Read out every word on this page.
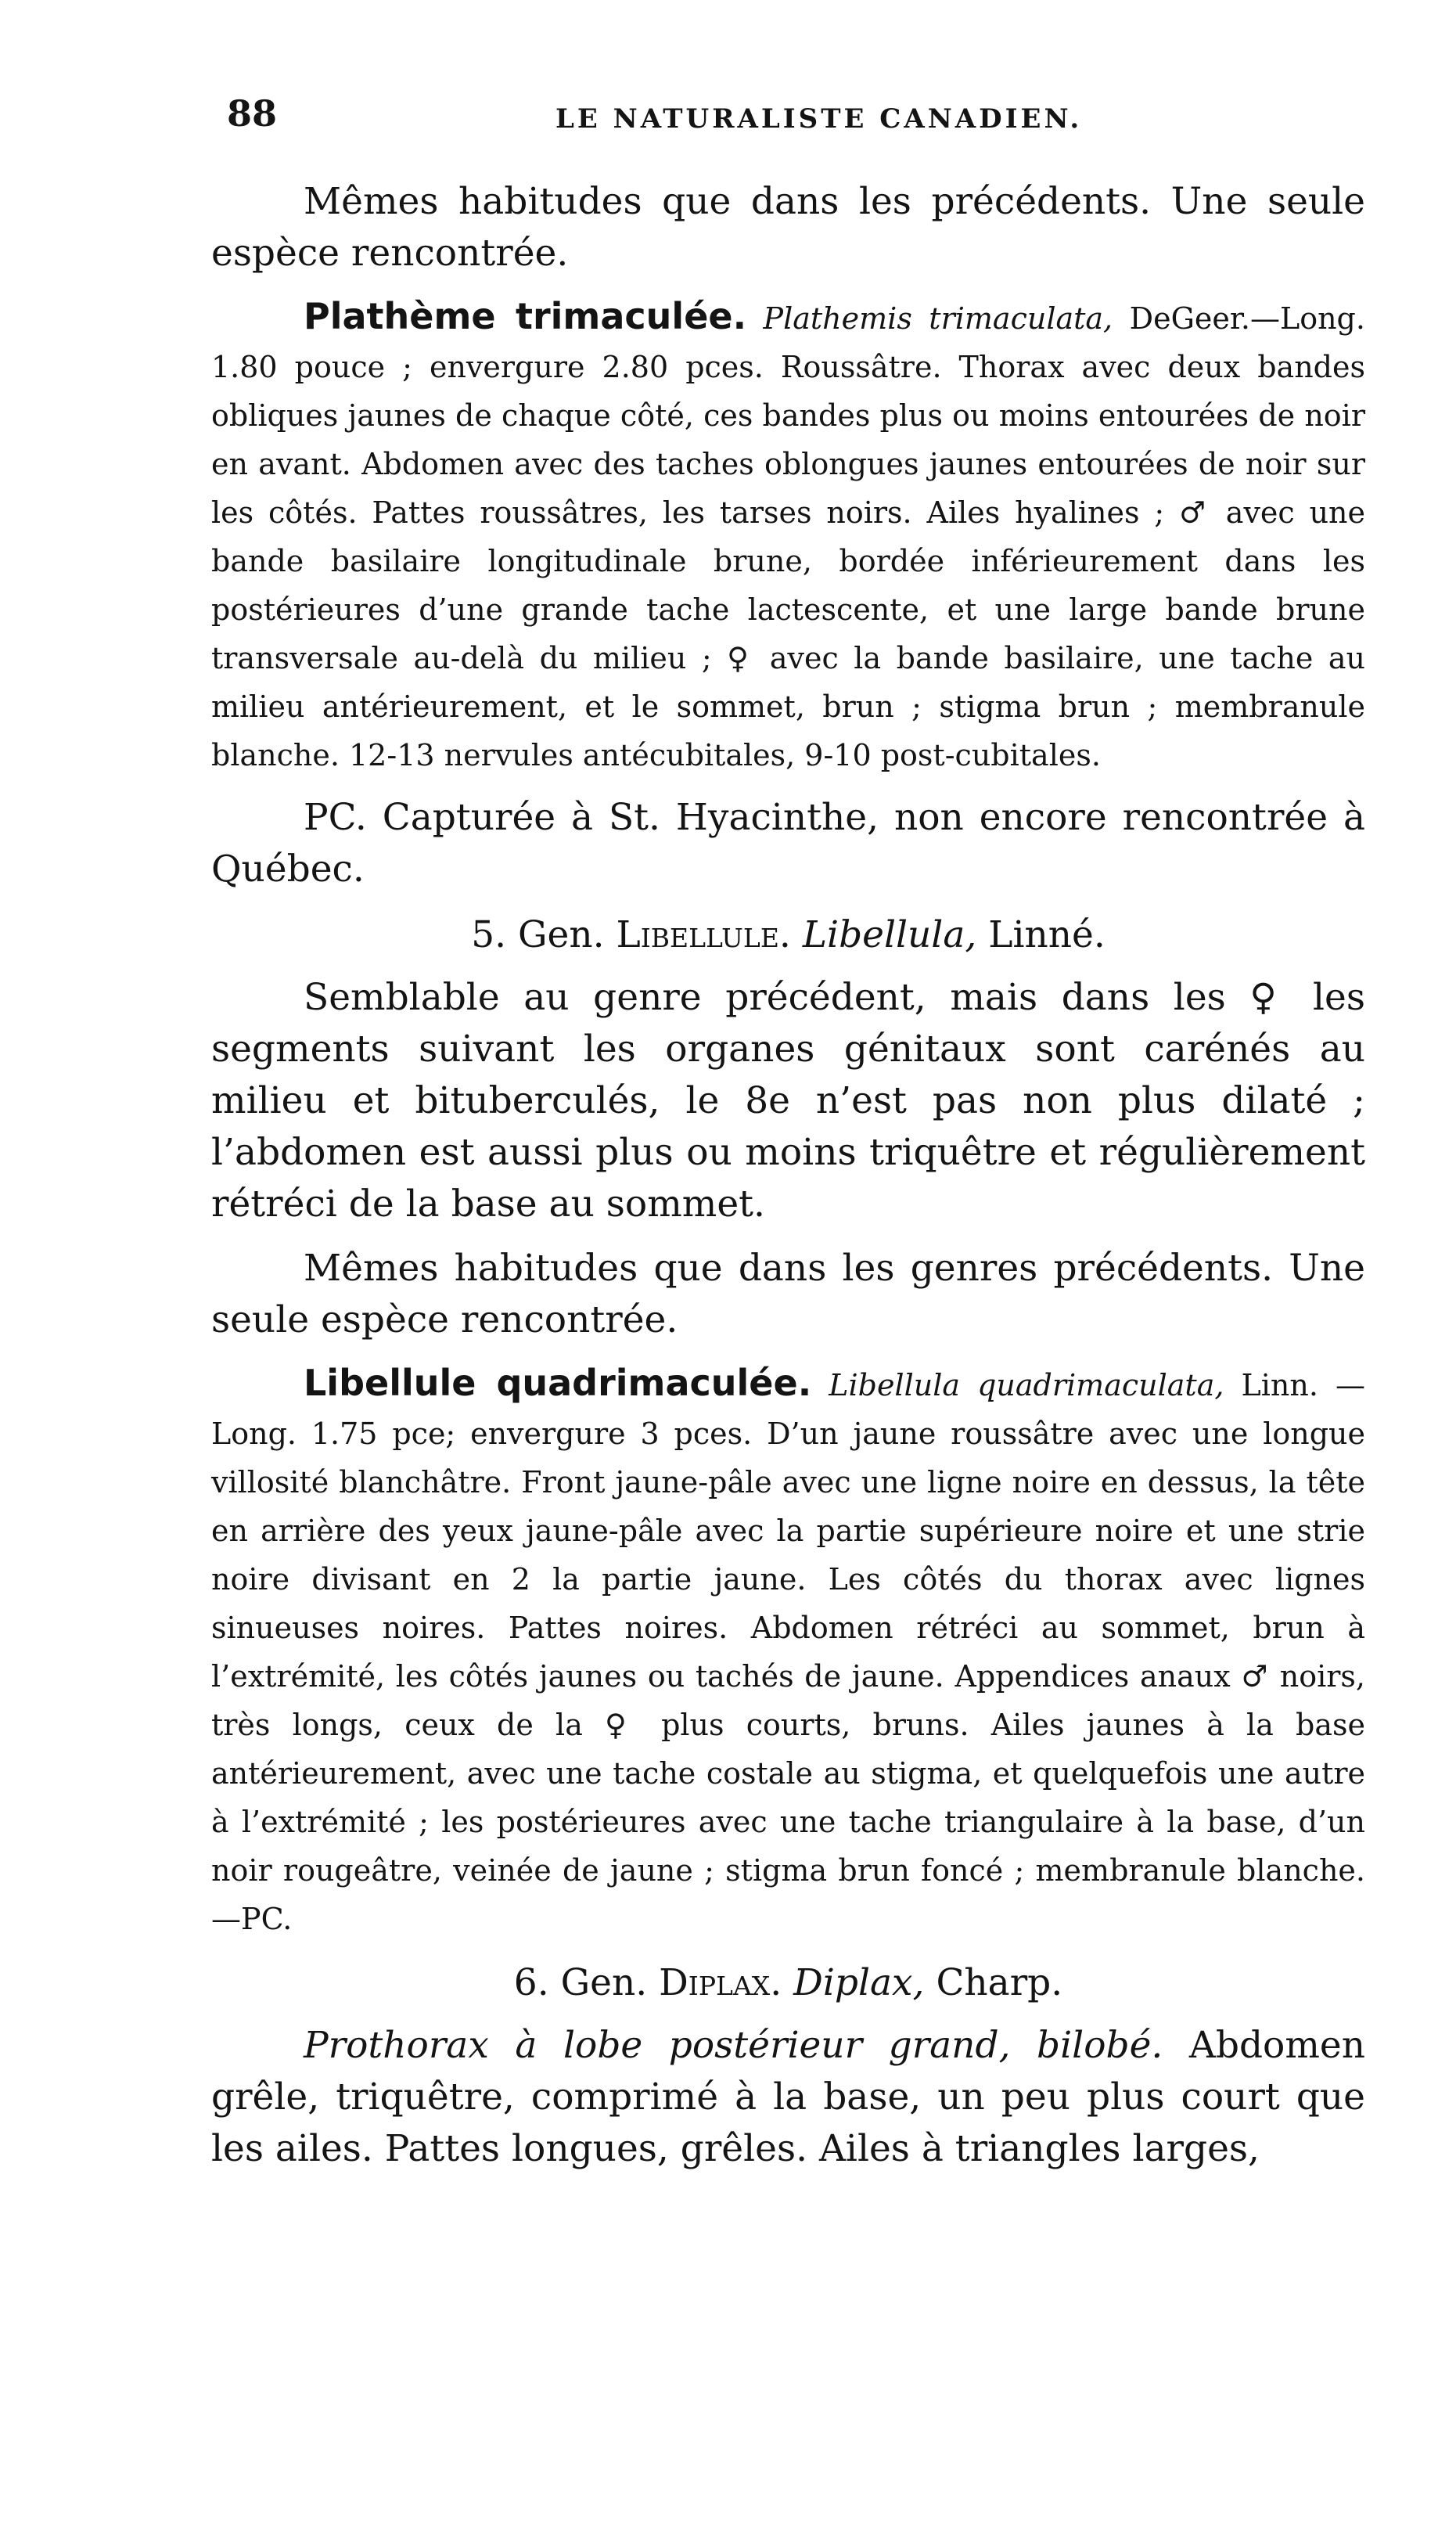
88	LE NATURALISTE CANADIEN.

Mêmes habitudes que dans les précédents. Une seule espèce rencontrée.

Plathème trimaculée. Plathemis trimaculata, DeGeer.—Long. 1.80 pouce ; envergure 2.80 pces. Roussâtre. Thorax avec deux bandes obliques jaunes de chaque côté, ces bandes plus ou moins entourées de noir en avant. Abdomen avec des taches oblongues jaunes entourées de noir sur les côtés. Pattes roussâtres, les tarses noirs. Ailes hyalines ; ♂ avec une bande basilaire longitudinale brune, bordée inférieurement dans les postérieures d’une grande tache lactescente, et une large bande brune transversale au-delà du milieu ; ♀ avec la bande basilaire, une tache au milieu antérieurement, et le sommet, brun ; stigma brun ; membranule blanche. 12-13 nervules antécubitales, 9-10 post-cubitales.

PC. Capturée à St. Hyacinthe, non encore rencontrée à Québec.

5. Gen. Libellule. Libellula, Linné.

Semblable au genre précédent, mais dans les ♀ les segments suivant les organes génitaux sont carénés au milieu et bituberculés, le 8e n’est pas non plus dilaté ; l’abdomen est aussi plus ou moins triquêtre et régulièrement rétréci de la base au sommet.

Mêmes habitudes que dans les genres précédents. Une seule espèce rencontrée.

Libellule quadrimaculée. Libellula quadrimaculata, Linn. —Long. 1.75 pce; envergure 3 pces. D’un jaune roussâtre avec une longue villosité blanchâtre. Front jaune-pâle avec une ligne noire en dessus, la tête en arrière des yeux jaune-pâle avec la partie supérieure noire et une strie noire divisant en 2 la partie jaune. Les côtés du thorax avec lignes sinueuses noires. Pattes noires. Abdomen rétréci au sommet, brun à l’extrémité, les côtés jaunes ou tachés de jaune. Appendices anaux ♂ noirs, très longs, ceux de la ♀ plus courts, bruns. Ailes jaunes à la base antérieurement, avec une tache costale au stigma, et quelquefois une autre à l’extrémité ; les postérieures avec une tache triangulaire à la base, d’un noir rougeâtre, veinée de jaune ; stigma brun foncé ; membranule blanche.—PC.

6. Gen. Diplax. Diplax, Charp.

Prothorax à lobe postérieur grand, bilobé. Abdomen grêle, triquêtre, comprimé à la base, un peu plus court que les ailes. Pattes longues, grêles. Ailes à triangles larges,
